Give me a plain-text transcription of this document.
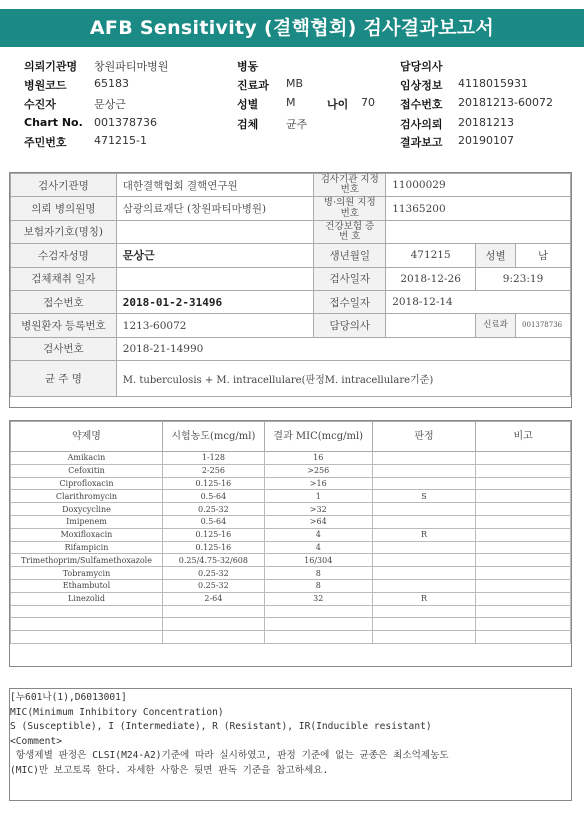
AFB Sensitivity (결핵협회) 검사결과보고서
의뢰기관명 창원파티마병원
병원코드 65183
수진자	문상근
Chart No. 001378736
주민번호 471215-1
병동
진료과 MB
성별	M	나이 70
검체	균주
담당의사
임상정보 4118015931
접수번호 20181213-60072
검사의뢰 20181213
결과보고 20190107
검사기관명	대한결핵협회 결핵연구원	검사기관 지정번호	11000029		
의뢰 병의원명	삼광의료재단 (창원파티마병원)	병·의원 지정번호	11365200		
보험자기호(명칭)		건강보험 증 번 호			
수검자성명	문상근	생년월일	471215	성별	남
검체채취 일자		검사일자	2018-12-26	9:23:19	
접수번호	2018-01-2-31496	접수일자	2018-12-14		
병원환자 등록번호	1213-60072	담당의사		신료과	001378736
검사번호	2018-21-14990				
균 주 명	M. tuberculosis + M. intracellulare(판정M. intracellulare기준)				
약제명	시험농도(mcg/ml)	결과 MIC(mcg/ml)	판정	비고
Amikacin	1-128	16		
Cefoxitin	2-256	>256		
Ciprofloxacin	0.125-16	>16		
Clarithromycin	0.5-64	1	S	
Doxycycline	0.25-32	>32		
Imipenem	0.5-64	>64		
Moxifloxacin	0.125-16	4	R	
Rifampicin	0.125-16	4		
Trimethoprim/Sulfamethoxazole	0.25/4.75-32/608	16/304		
Tobramycin	0.25-32	8		
Ethambutol	0.25-32	8		
Linezolid	2-64	32	R	

[누601나(1),D6013001]
MIC(Minimum Inhibitory Concentration)
S (Susceptible), I (Intermediate), R (Resistant), IR(Inducible resistant)
<Comment>
항생제별 판정은 CLSI(M24-A2)기준에 따라 실시하였고, 판정 기준에 없는 균종은 최소억제농도
(MIC)만 보고토록 한다. 자세한 사항은 뒷면 판독 기준을 참고하세요.
